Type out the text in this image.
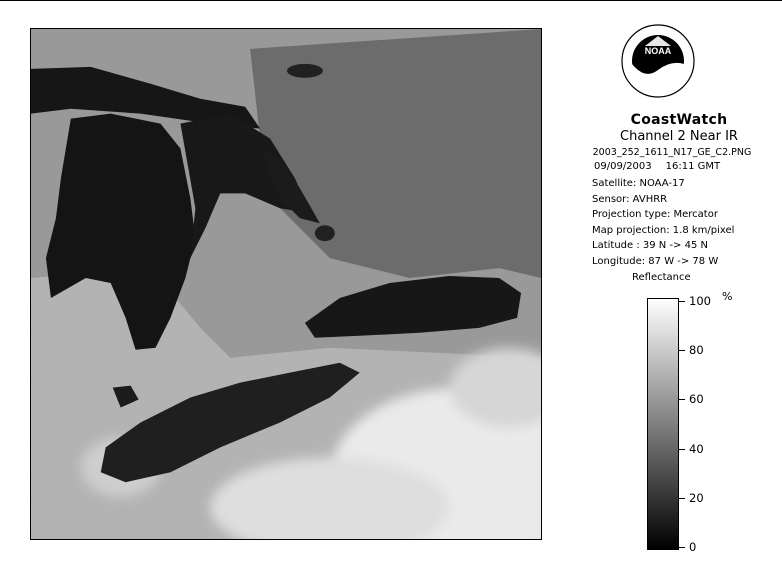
NOAA
CoastWatch
Channel 2 Near IR
2003_252_1611_N17_GE_C2.PNG
09/09/2003 16:11 GMT
Satellite: NOAA-17
Sensor: AVHRR
Projection type: Mercator
Map projection: 1.8 km/pixel
Latitude : 39 N -> 45 N
Longitude: 87 W -> 78 W
Reflectance
%
100
80
60
40
20
0
